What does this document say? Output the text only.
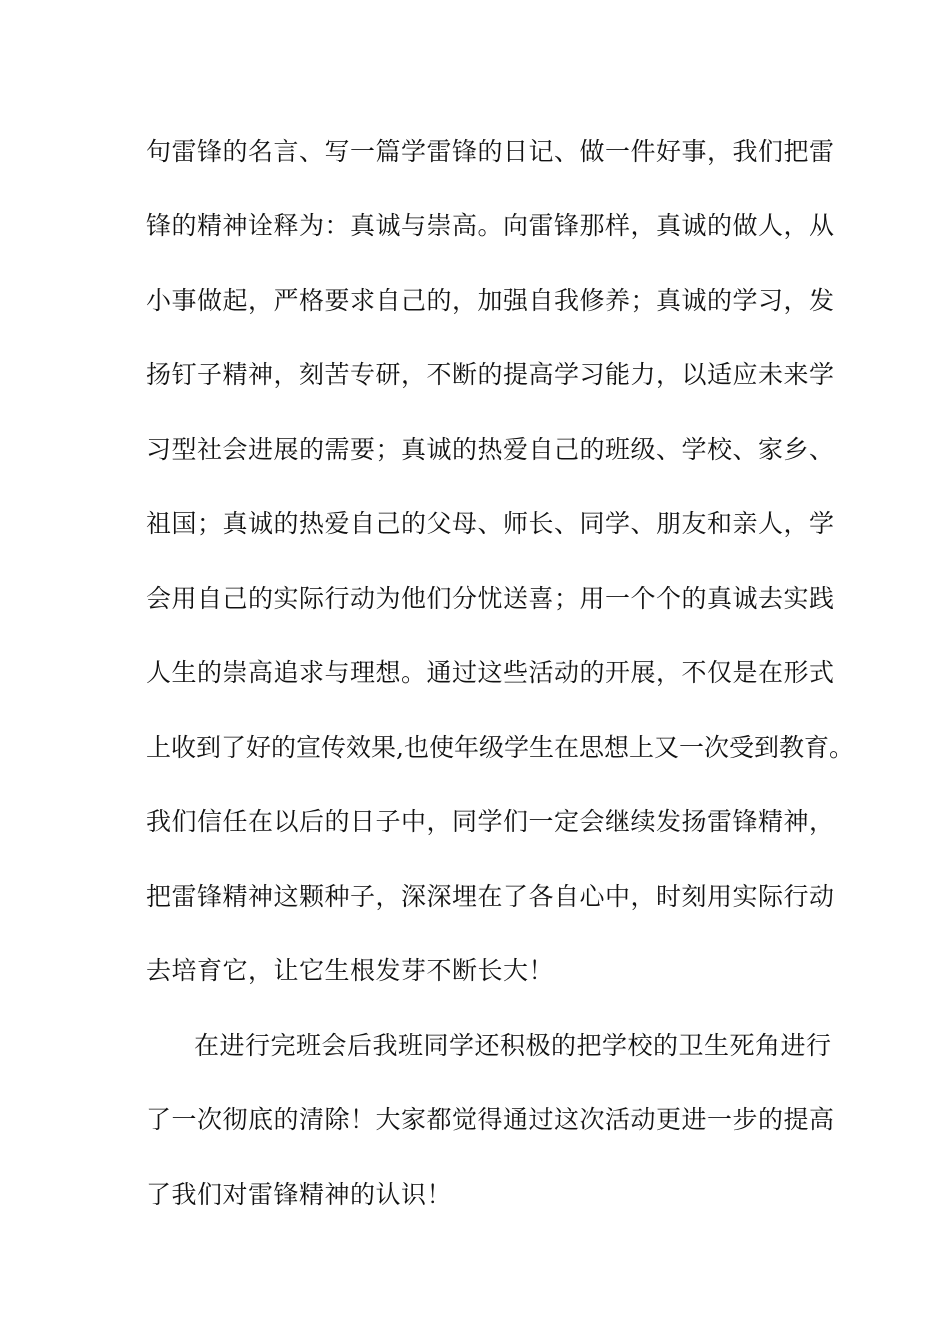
句雷锋的名言、写一篇学雷锋的日记、做一件好事，我们把雷
锋的精神诠释为：真诚与崇高。向雷锋那样，真诚的做人，从
小事做起，严格要求自己的，加强自我修养；真诚的学习，发
扬钉子精神，刻苦专研，不断的提高学习能力，以适应未来学
习型社会进展的需要；真诚的热爱自己的班级、学校、家乡、
祖国；真诚的热爱自己的父母、师长、同学、朋友和亲人，学
会用自己的实际行动为他们分忧送喜；用一个个的真诚去实践
人生的崇高追求与理想。通过这些活动的开展，不仅是在形式
上收到了好的宣传效果,也使年级学生在思想上又一次受到教育。
我们信任在以后的日子中，同学们一定会继续发扬雷锋精神，
把雷锋精神这颗种子，深深埋在了各自心中，时刻用实际行动
去培育它，让它生根发芽不断长大！
在进行完班会后我班同学还积极的把学校的卫生死角进行
了一次彻底的清除！大家都觉得通过这次活动更进一步的提高
了我们对雷锋精神的认识！
